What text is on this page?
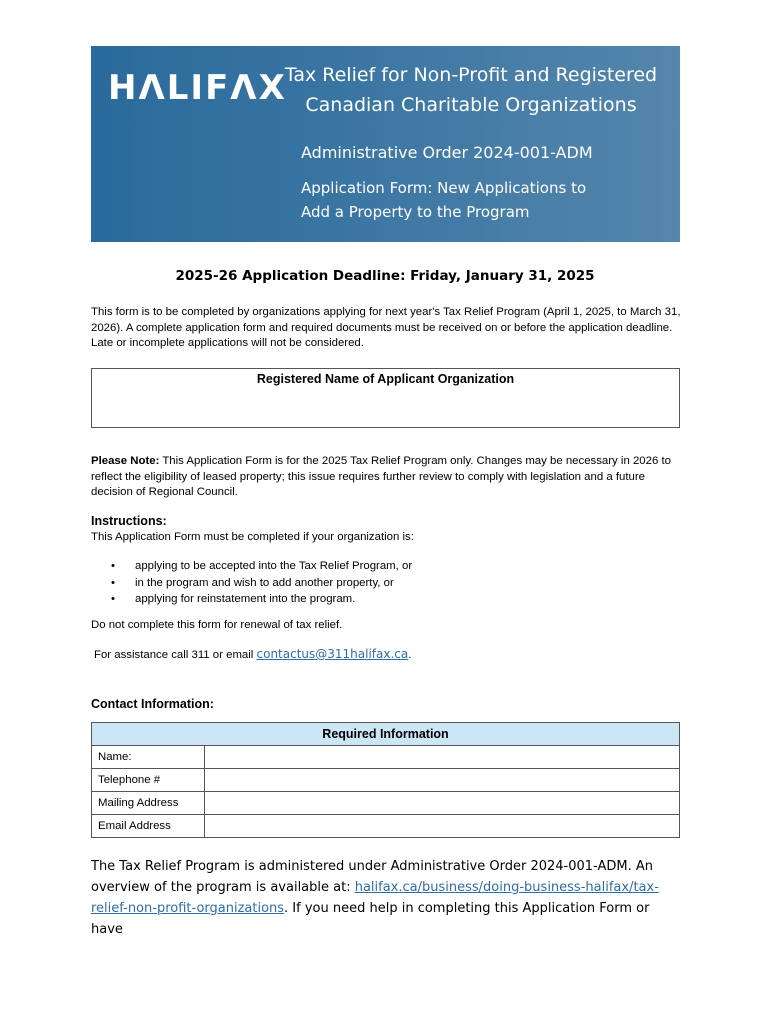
HΛLIFΛX
Tax Relief for Non-Profit and Registered
Canadian Charitable Organizations
Administrative Order 2024-001-ADM
Application Form: New Applications to
Add a Property to the Program
2025-26 Application Deadline: Friday, January 31, 2025
This form is to be completed by organizations applying for next year's Tax Relief Program (April 1, 2025, to March 31, 2026). A complete application form and required documents must be received on or before the application deadline. Late or incomplete applications will not be considered.
Registered Name of Applicant Organization
Please Note: This Application Form is for the 2025 Tax Relief Program only. Changes may be necessary in 2026 to reflect the eligibility of leased property; this issue requires further review to comply with legislation and a future decision of Regional Council.
Instructions:
This Application Form must be completed if your organization is:
• applying to be accepted into the Tax Relief Program, or
• in the program and wish to add another property, or
• applying for reinstatement into the program.
Do not complete this form for renewal of tax relief.
For assistance call 311 or email contactus@311halifax.ca.
Contact Information:
Required Information	
Name:	
Telephone #	
Mailing Address	
Email Address	
The Tax Relief Program is administered under Administrative Order 2024-001-ADM. An overview of the program is available at: halifax.ca/business/doing-business-halifax/tax-relief-non-profit-organizations. If you need help in completing this Application Form or have
